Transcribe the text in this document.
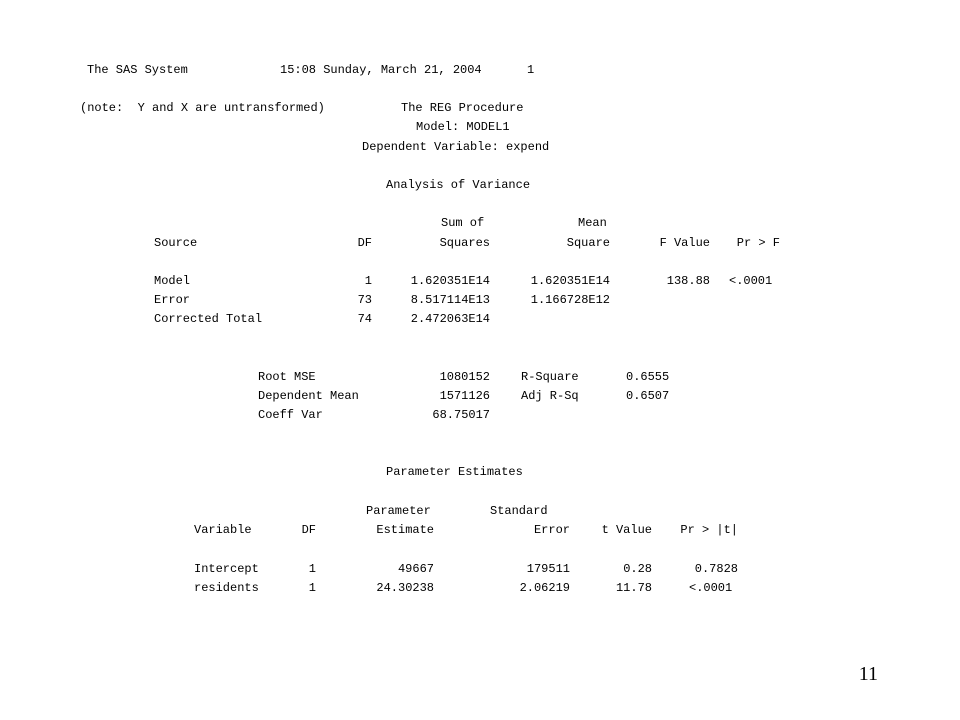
The SAS System	15:08 Sunday, March 21, 2004	1
(note:  Y and X are untransformed)	The REG Procedure
Model: MODEL1
Dependent Variable: expend
Analysis of Variance
Sum of	Mean
Source	DF	Squares	Square	F Value	Pr > F
Model	1	1.620351E14	1.620351E14	138.88 <.0001
Error	73	8.517114E13	1.166728E12
Corrected Total	74	2.472063E14
Root MSE	1080152	R-Square	0.6555
Dependent Mean	1571126	Adj R-Sq	0.6507
Coeff Var	68.75017
Parameter Estimates
Parameter	Standard
Variable	DF	Estimate	Error	t Value	Pr > |t|
Intercept	1	49667	179511	0.28	0.7828
residents	1	24.30238	2.06219	11.78	<.0001
11
